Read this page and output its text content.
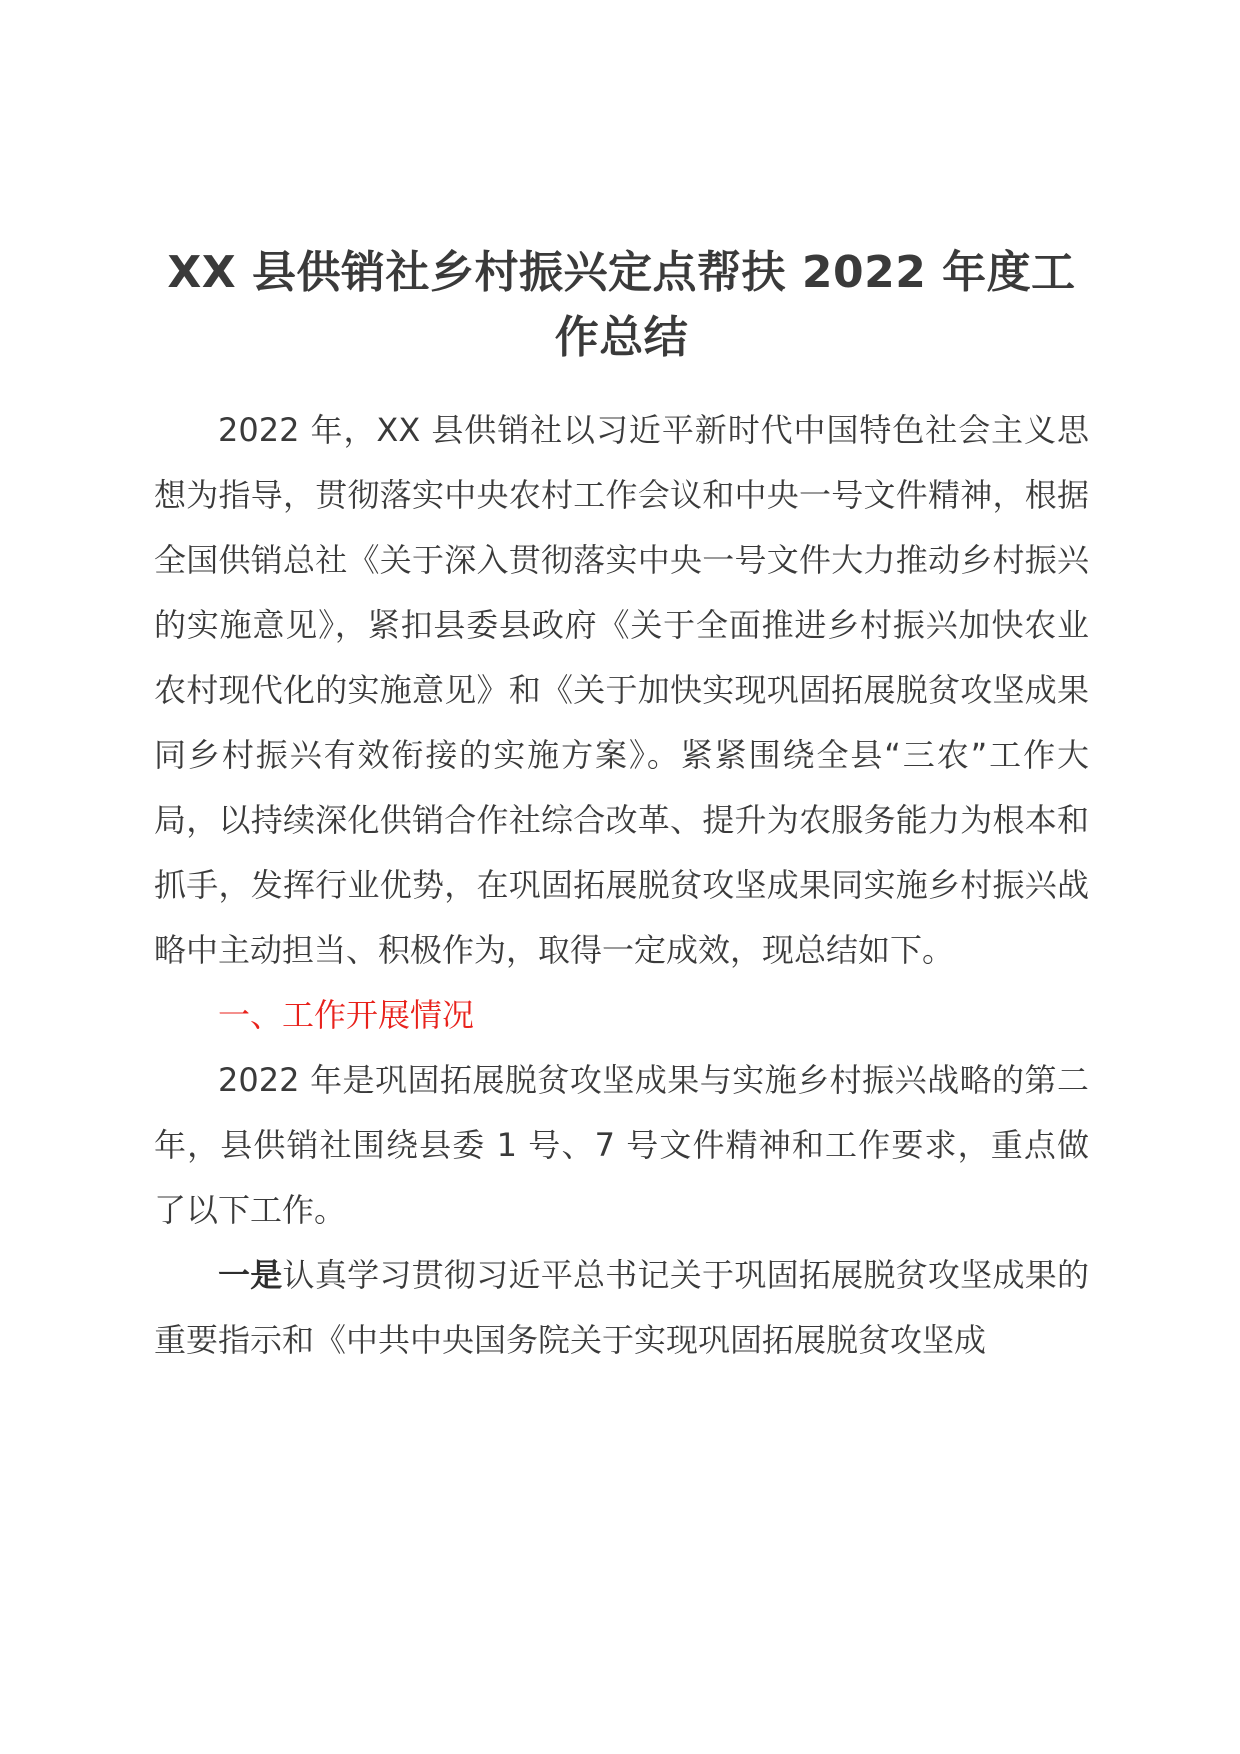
XX 县供销社乡村振兴定点帮扶 2022 年度工
作总结

2022 年，XX 县供销社以习近平新时代中国特色社会主义思想为指导，贯彻落实中央农村工作会议和中央一号文件精神，根据全国供销总社《关于深入贯彻落实中央一号文件大力推动乡村振兴的实施意见》，紧扣县委县政府《关于全面推进乡村振兴加快农业农村现代化的实施意见》和《关于加快实现巩固拓展脱贫攻坚成果同乡村振兴有效衔接的实施方案》。紧紧围绕全县“三农”工作大局，以持续深化供销合作社综合改革、提升为农服务能力为根本和抓手，发挥行业优势，在巩固拓展脱贫攻坚成果同实施乡村振兴战略中主动担当、积极作为，取得一定成效，现总结如下。

一、工作开展情况

2022 年是巩固拓展脱贫攻坚成果与实施乡村振兴战略的第二年，县供销社围绕县委 1 号、7 号文件精神和工作要求，重点做了以下工作。

一是认真学习贯彻习近平总书记关于巩固拓展脱贫攻坚成果的重要指示和《中共中央国务院关于实现巩固拓展脱贫攻坚成
